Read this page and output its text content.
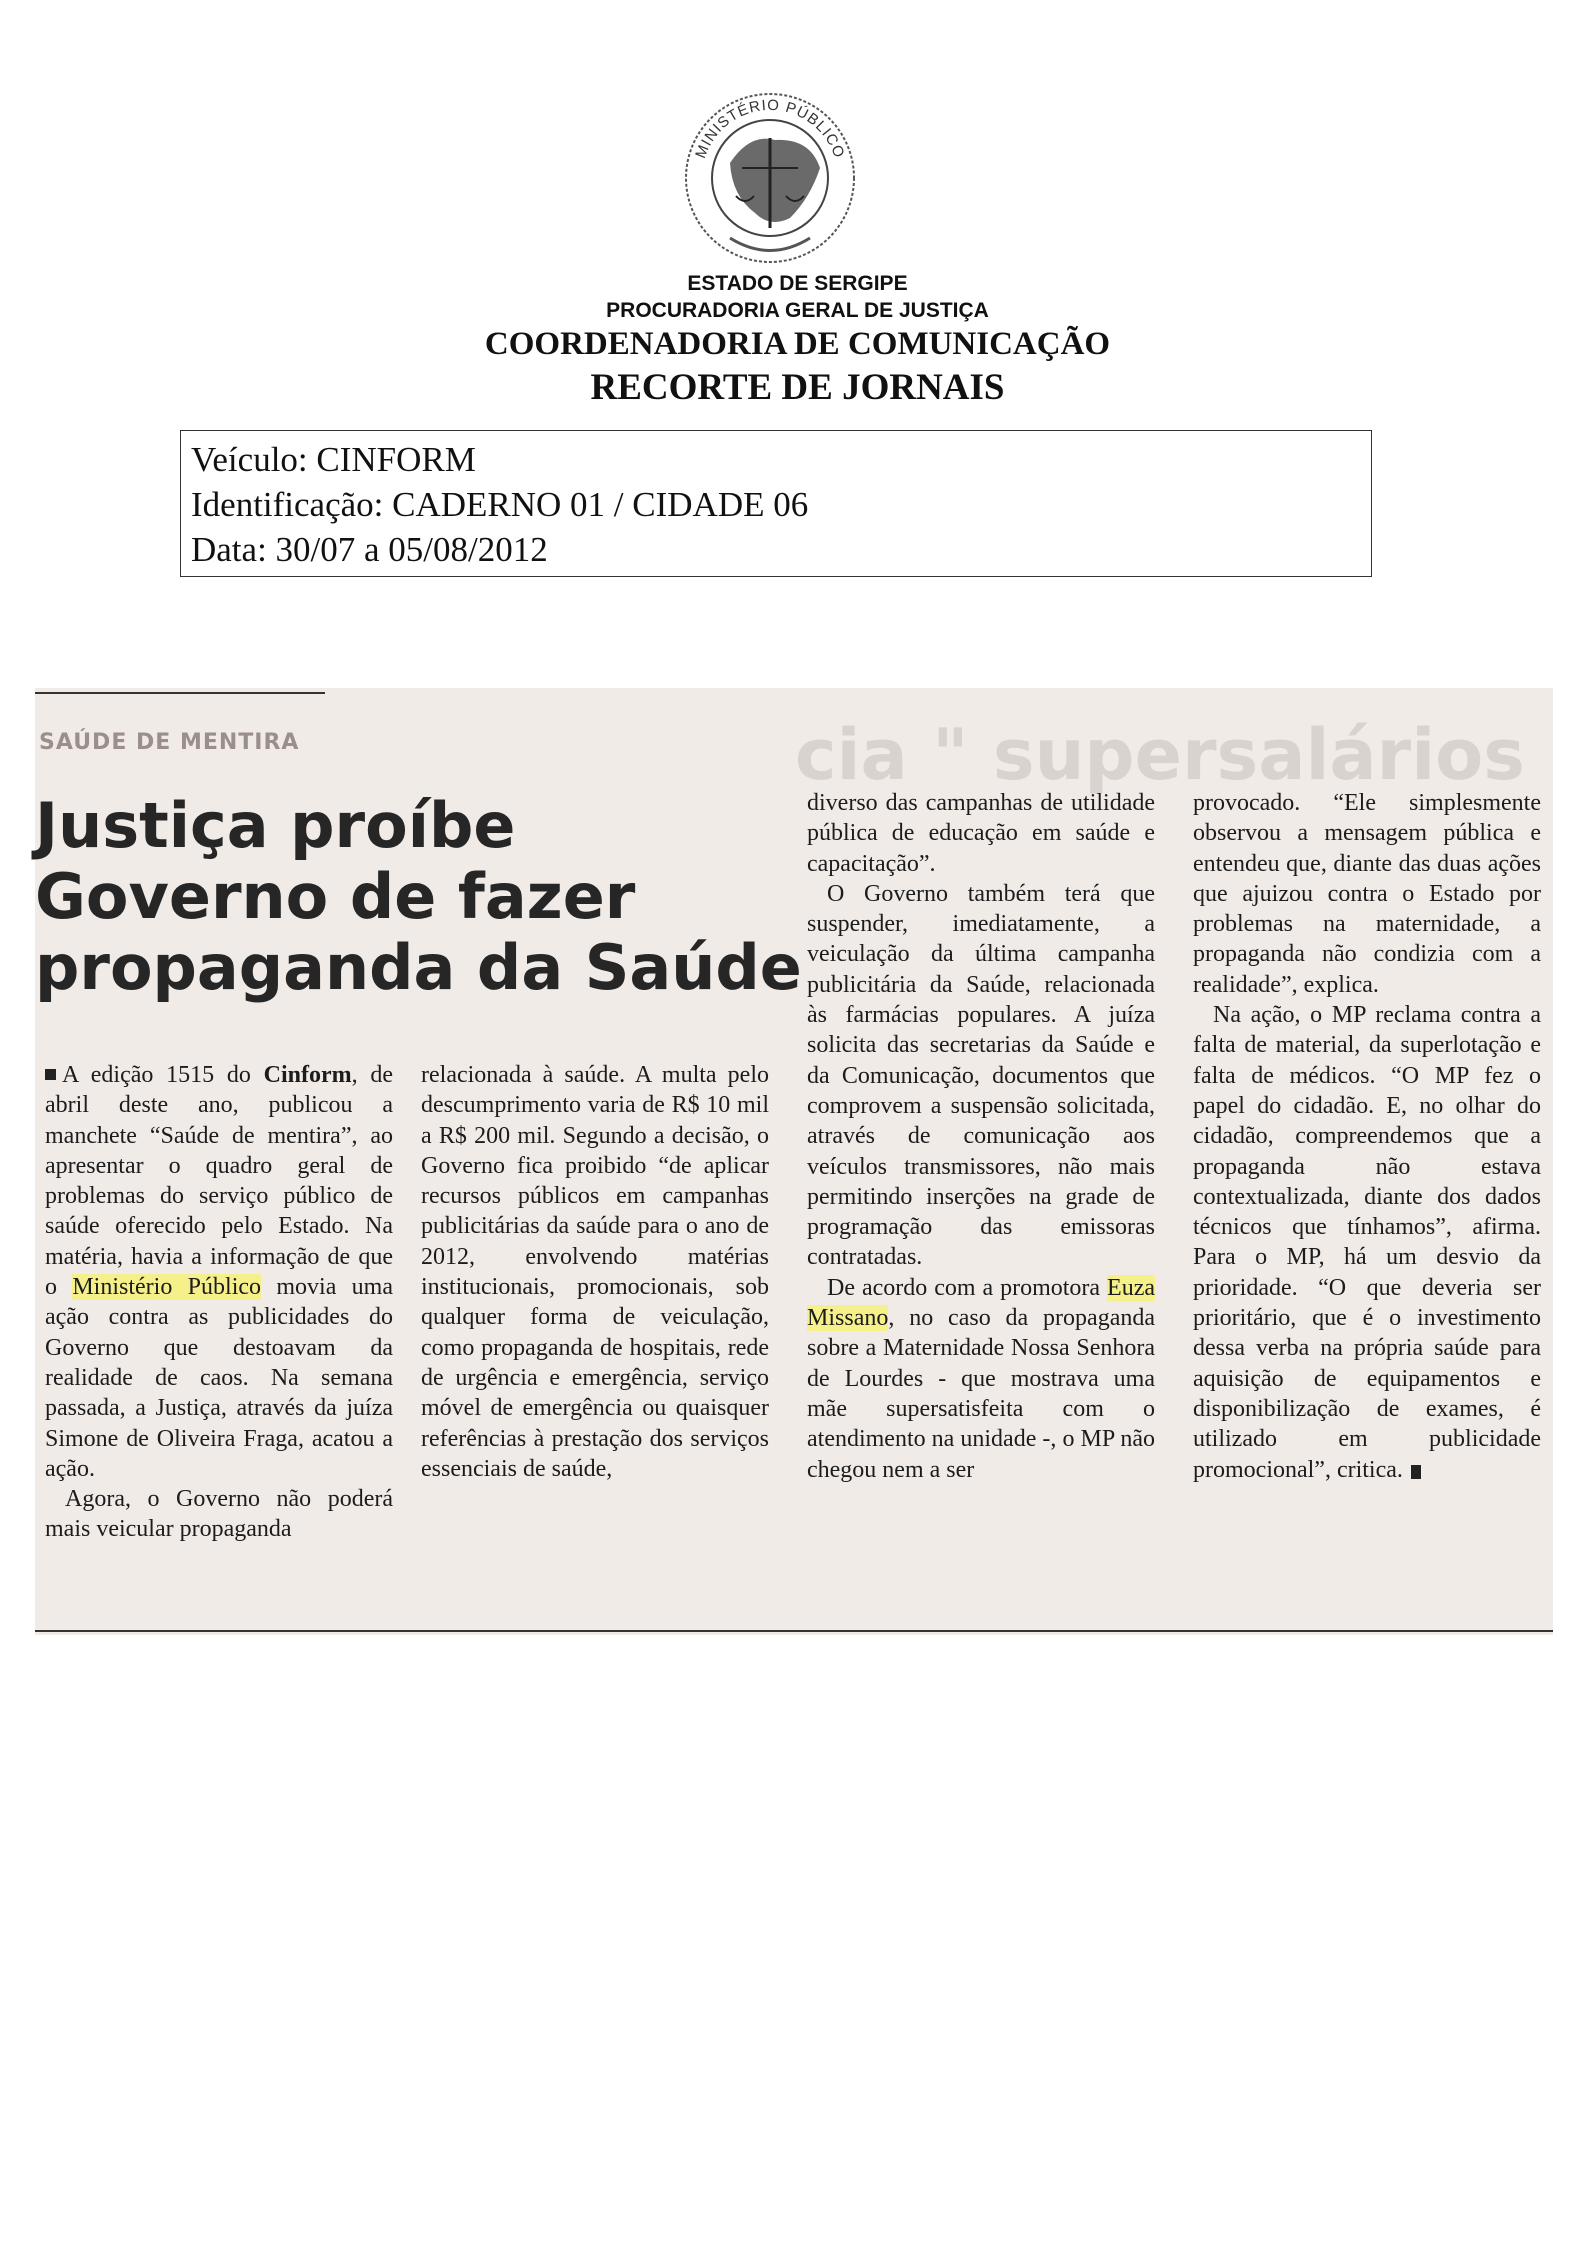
MINISTÉRIO PÚBLICO
ESTADO DE SERGIPE
PROCURADORIA GERAL DE JUSTIÇA
COORDENADORIA DE COMUNICAÇÃO
RECORTE DE JORNAIS
Veículo: CINFORM
Identificação: CADERNO 01 / CIDADE 06
Data: 30/07 a 05/08/2012
cia " supersalários
SAÚDE DE MENTIRA
Justiça proíbe
Governo de fazer
propaganda da Saúde

A edição 1515 do Cinform, de abril deste ano, publicou a manchete “Saúde de mentira”, ao apresentar o quadro geral de problemas do serviço público de saúde oferecido pelo Estado. Na matéria, havia a informação de que o Ministério Público movia uma ação contra as publicidades do Governo que destoavam da realidade de caos. Na semana passada, a Justiça, através da juíza Simone de Oliveira Fraga, acatou a ação.

Agora, o Governo não poderá mais veicular propaganda

relacionada à saúde. A multa pelo descumprimento varia de R$ 10 mil a R$ 200 mil. Segundo a decisão, o Governo fica proibido “de aplicar recursos públicos em campanhas publicitárias da saúde para o ano de 2012, envolvendo matérias institucionais, promocionais, sob qualquer forma de veiculação, como propaganda de hospitais, rede de urgência e emergência, serviço móvel de emergência ou quaisquer referências à prestação dos serviços essenciais de saúde,

diverso das campanhas de utilidade pública de educação em saúde e capacitação”.

O Governo também terá que suspender, imediatamente, a veiculação da última campanha publicitária da Saúde, relacionada às farmácias populares. A juíza solicita das secretarias da Saúde e da Comunicação, documentos que comprovem a suspensão solicitada, através de comunicação aos veículos transmissores, não mais permitindo inserções na grade de programação das emissoras contratadas.

De acordo com a promotora Euza Missano, no caso da propaganda sobre a Maternidade Nossa Senhora de Lourdes - que mostrava uma mãe supersatisfeita com o atendimento na unidade -, o MP não chegou nem a ser

provocado. “Ele simplesmente observou a mensagem pública e entendeu que, diante das duas ações que ajuizou contra o Estado por problemas na maternidade, a propaganda não condizia com a realidade”, explica.

Na ação, o MP reclama contra a falta de material, da superlotação e falta de médicos. “O MP fez o papel do cidadão. E, no olhar do cidadão, compreendemos que a propaganda não estava contextualizada, diante dos dados técnicos que tínhamos”, afirma. Para o MP, há um desvio da prioridade. “O que deveria ser prioritário, que é o investimento dessa verba na própria saúde para aquisição de equipamentos e disponibilização de exames, é utilizado em publicidade promocional”, critica.
